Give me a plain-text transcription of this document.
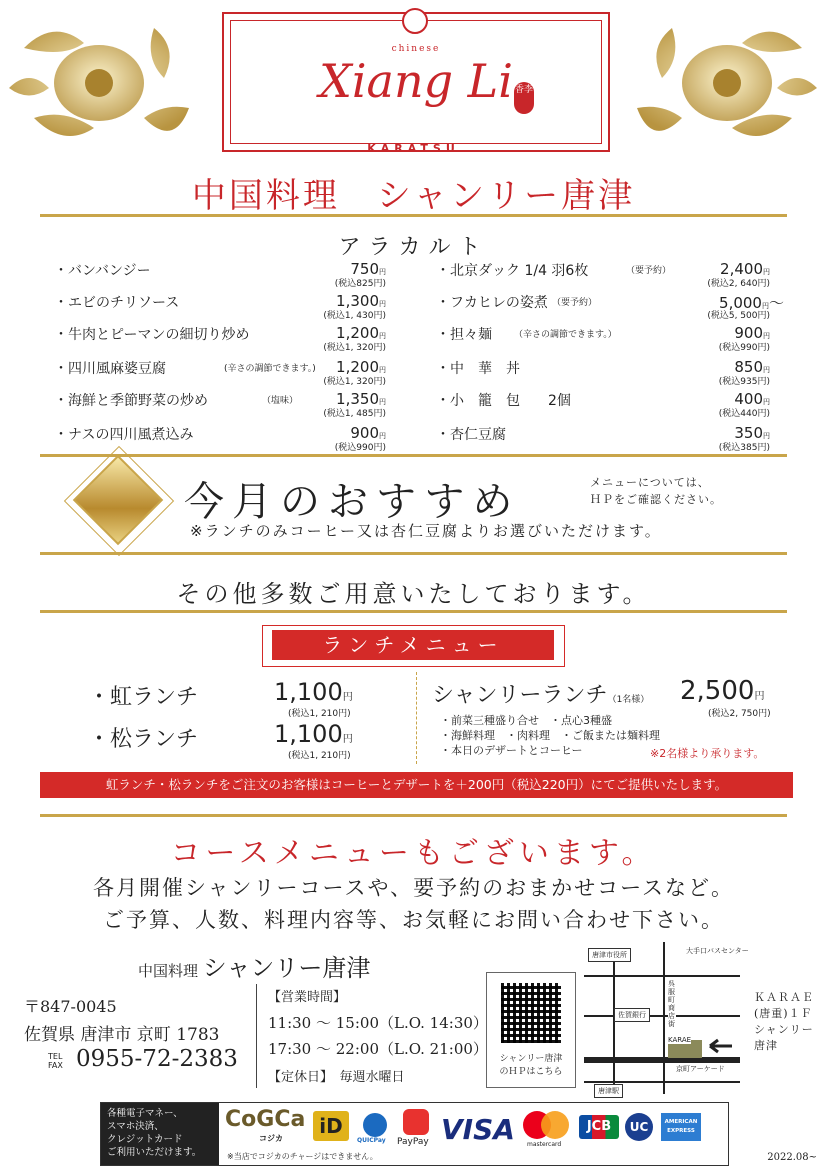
chinese
Xiang Li 香李
KARATSU
中国料理　シャンリー唐津
アラカルト
・バンバンジー	750円
(税込825円)
・エビのチリソース	1,300円
(税込1, 430円)
・牛肉とピーマンの細切り炒め	1,200円
(税込1, 320円)
・四川風麻婆豆腐	(辛さの調節できます。) 1,200円
(税込1, 320円)
・海鮮と季節野菜の炒め	（塩味）	1,350円
(税込1, 485円)
・ナスの四川風煮込み	900円
(税込990円)
・北京ダック 1/4 羽6枚	（要予約）	2,400円
(税込2, 640円)
・フカヒレの姿煮 （要予約）	5,000円～
(税込5, 500円)
・担々麺 （辛さの調節できます。）	900円
(税込990円)
・中　華　丼	850円
(税込935円)
・小　籠　包　　2個	400円
(税込440円)
・杏仁豆腐	350円
(税込385円)
今月のおすすめ	メニューについては、
ＨＰをご確認ください。
※ランチのみコーヒー又は杏仁豆腐よりお選びいただけます。
その他多数ご用意いたしております。
ランチメニュー
・虹ランチ	1,100円
(税込1, 210円)
・松ランチ	1,100円
(税込1, 210円)
シャンリーランチ（1名様） 2,500円
(税込2, 750円)
・前菜三種盛り合せ　・点心3種盛
・海鮮料理　・肉料理　・ご飯または麺料理
・本日のデザートとコーヒー	※2名様より承ります。
虹ランチ・松ランチをご注文のお客様はコーヒーとデザートを＋200円（税込220円）にてご提供いたします。
コースメニューもございます。
各月開催シャンリーコースや、要予約のおまかせコースなど。
ご予算、人数、料理内容等、お気軽にお問い合わせ下さい。
中国料理 シャンリー唐津
〒847-0045
佐賀県 唐津市 京町 1783
TEL
FAX 0955-72-2383
【営業時間】
11:30 ～ 15:00（L.O. 14:30）
17:30 ～ 22:00（L.O. 21:00）
【定休日】　 毎週水曜日
シャンリー唐津
のＨＰはこちら
唐津市役所	大手口バスセンター
呉服町商店街
佐賀銀行
KARAE
京町アーケード
唐津駅
ＫＡＲＡＥ
(唐重)１Ｆ
シャンリー
唐津
各種電子マネー、
スマホ決済、
クレジットカード
ご利用いただけます。
CoGCa
コジカ
iD
QUICPay PayPay VISA mastercard
JCB	UC	AMERICAN EXPRESS
※当店でコジカのチャージはできません。	2022.08~
